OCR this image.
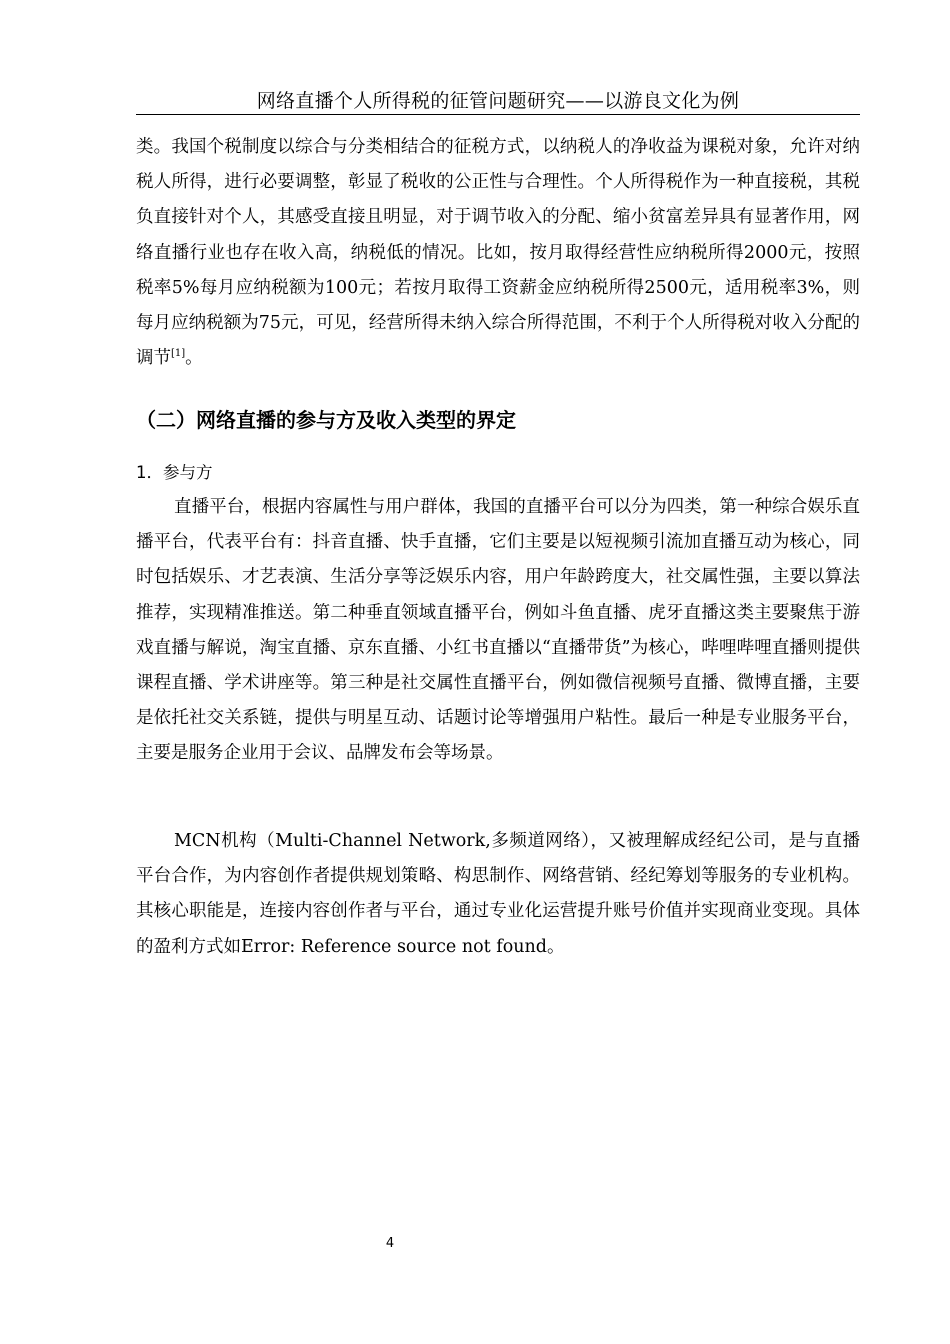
网络直播个人所得税的征管问题研究——以游良文化为例

类。我国个税制度以综合与分类相结合的征税方式，以纳税人的净收益为课税对象，允许对纳税人所得，进行必要调整，彰显了税收的公正性与合理性。个人所得税作为一种直接税，其税负直接针对个人，其感受直接且明显，对于调节收入的分配、缩小贫富差异具有显著作用，网络直播行业也存在收入高，纳税低的情况。比如，按月取得经营性应纳税所得2000元，按照税率5%每月应纳税额为100元；若按月取得工资薪金应纳税所得2500元，适用税率3%，则每月应纳税额为75元，可见，经营所得未纳入综合所得范围，不利于个人所得税对收入分配的调节[1]。

（二）网络直播的参与方及收入类型的界定
1．参与方

直播平台，根据内容属性与用户群体，我国的直播平台可以分为四类，第一种综合娱乐直播平台，代表平台有：抖音直播、快手直播，它们主要是以短视频引流加直播互动为核心，同时包括娱乐、才艺表演、生活分享等泛娱乐内容，用户年龄跨度大，社交属性强，主要以算法推荐，实现精准推送。第二种垂直领域直播平台，例如斗鱼直播、虎牙直播这类主要聚焦于游戏直播与解说，淘宝直播、京东直播、小红书直播以“直播带货”为核心，哔哩哔哩直播则提供课程直播、学术讲座等。第三种是社交属性直播平台，例如微信视频号直播、微博直播，主要是依托社交关系链，提供与明星互动、话题讨论等增强用户粘性。最后一种是专业服务平台，主要是服务企业用于会议、品牌发布会等场景。

MCN机构（Multi-Channel Network,多频道网络），又被理解成经纪公司，是与直播平台合作，为内容创作者提供规划策略、构思制作、网络营销、经纪筹划等服务的专业机构。其核心职能是，连接内容创作者与平台，通过专业化运营提升账号价值并实现商业变现。具体的盈利方式如Error: Reference source not found。

4
